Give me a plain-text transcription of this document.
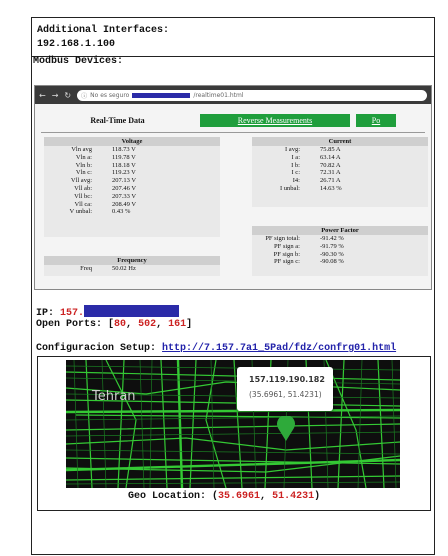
Additional Interfaces:
192.168.1.100
Modbus Devices:
← → ↻ ⓘ No es seguro	/realtime01.html
Real-Time Data	Reverse Measurements	Po
Voltage
Vln avg	118.73 V
Vln a:	119.78 V
Vln b:	118.18 V
Vln c:	119.23 V
Vll avg:	207.13 V
Vll ab:	207.46 V
Vll bc:	207.33 V
Vll ca:	208.49 V
V unbal:	0.43 %
Frequency
Freq	50.02 Hz
Current
I avg:	75.85 A
I a:	63.14 A
I b:	70.82 A
I c:	72.31 A
I4:	26.71 A
I unbal:	14.63 %
Power Factor
PF sign total:	-91.42 %
PF sign a:	-91.79 %
PF sign b:	-90.30 %
PF sign c:	-90.08 %
IP: 157.
Open Ports: [80, 502, 161]
Configuracion Setup: http://7.157.7a1_5Pad/fdz/confrg01.html
Tehran
157.119.190.182
(35.6961, 51.4231)
Geo Location: (35.6961, 51.4231)
